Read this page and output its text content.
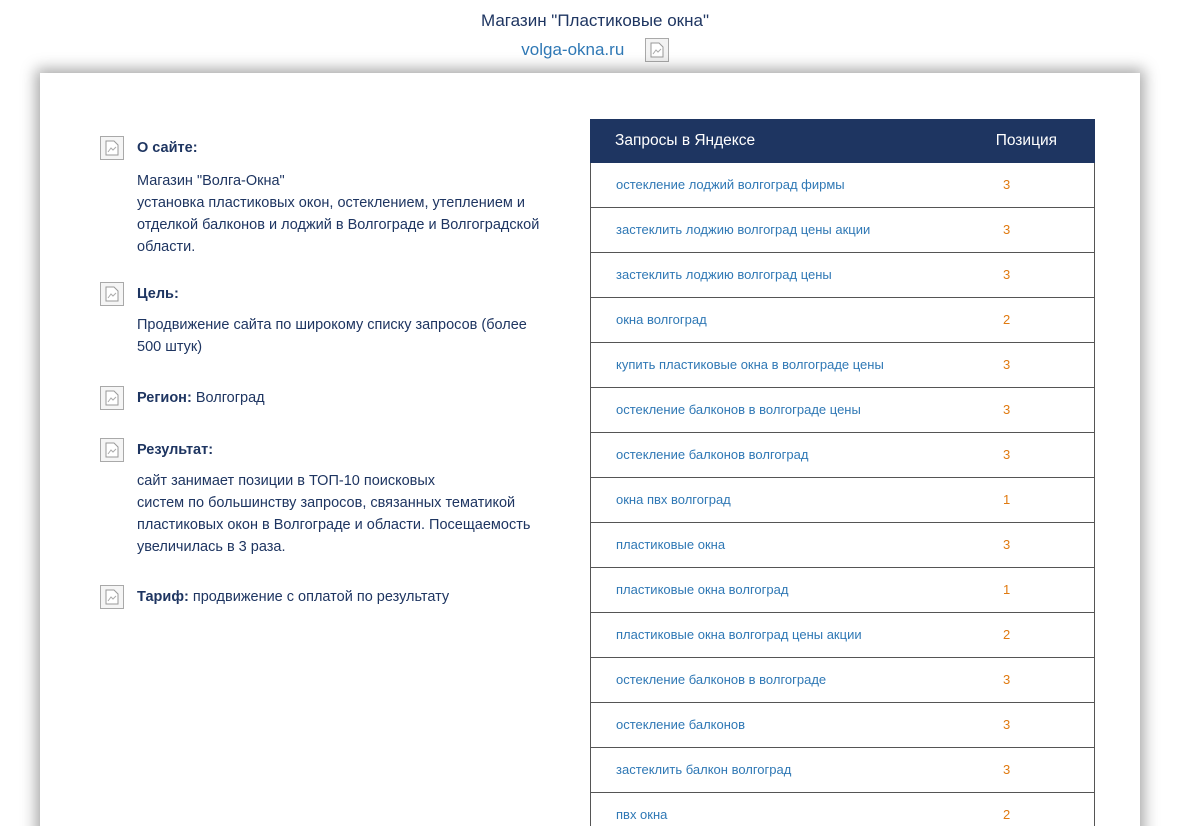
Магазин "Пластиковые окна"
volga-okna.ru
О сайте:
Магазин "Волга-Окна"
установка пластиковых окон, остеклением, утеплением и отделкой балконов и лоджий в Волгограде и Волгоградской области.
Цель:
Продвижение сайта по широкому списку запросов (более 500 штук)
Регион: Волгоград
Результат:
сайт занимает позиции в ТОП-10 поисковых
систем по большинству запросов, связанных тематикой пластиковых окон в Волгограде и области. Посещаемость увеличилась в 3 раза.
Тариф: продвижение с оплатой по результату
Запросы в Яндексе	Позиция
остекление лоджий волгоград фирмы	3
застеклить лоджию волгоград цены акции	3
застеклить лоджию волгоград цены	3
окна волгоград	2
купить пластиковые окна в волгограде цены	3
остекление балконов в волгограде цены	3
остекление балконов волгоград	3
окна пвх волгоград	1
пластиковые окна	3
пластиковые окна волгоград	1
пластиковые окна волгоград цены акции	2
остекление балконов в волгограде	3
остекление балконов	3
застеклить балкон волгоград	3
пвх окна	2
